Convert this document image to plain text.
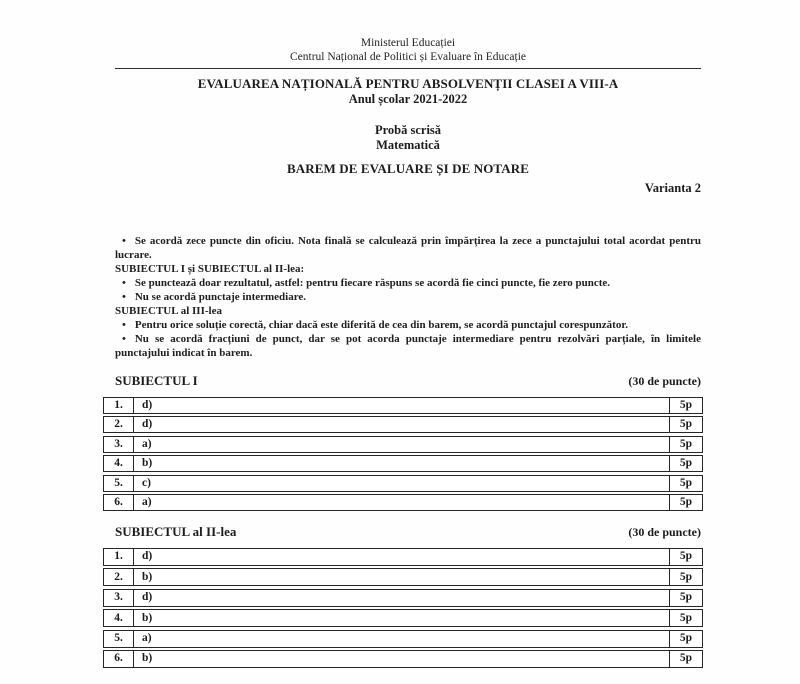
Ministerul Educației
Centrul Național de Politici și Evaluare în Educație
EVALUAREA NAȚIONALĂ PENTRU ABSOLVENȚII CLASEI A VIII-A
Anul școlar 2021-2022
Probă scrisă
Matematică
BAREM DE EVALUARE ȘI DE NOTARE
Varianta 2
• Se acordă zece puncte din oficiu. Nota finală se calculează prin împărțirea la zece a punctajului total acordat pentru lucrare.
SUBIECTUL I și SUBIECTUL al II-lea:
• Se punctează doar rezultatul, astfel: pentru fiecare răspuns se acordă fie cinci puncte, fie zero puncte.
• Nu se acordă punctaje intermediare.
SUBIECTUL al III-lea
• Pentru orice soluție corectă, chiar dacă este diferită de cea din barem, se acordă punctajul corespunzător.
• Nu se acordă fracțiuni de punct, dar se pot acorda punctaje intermediare pentru rezolvări parțiale, în limitele punctajului indicat în barem.
SUBIECTUL I	(30 de puncte)
1.	d)	5p
2.	d)	5p
3.	a)	5p
4.	b)	5p
5.	c)	5p
6.	a)	5p
SUBIECTUL al II-lea	(30 de puncte)
1.	d)	5p
2.	b)	5p
3.	d)	5p
4.	b)	5p
5.	a)	5p
6.	b)	5p
